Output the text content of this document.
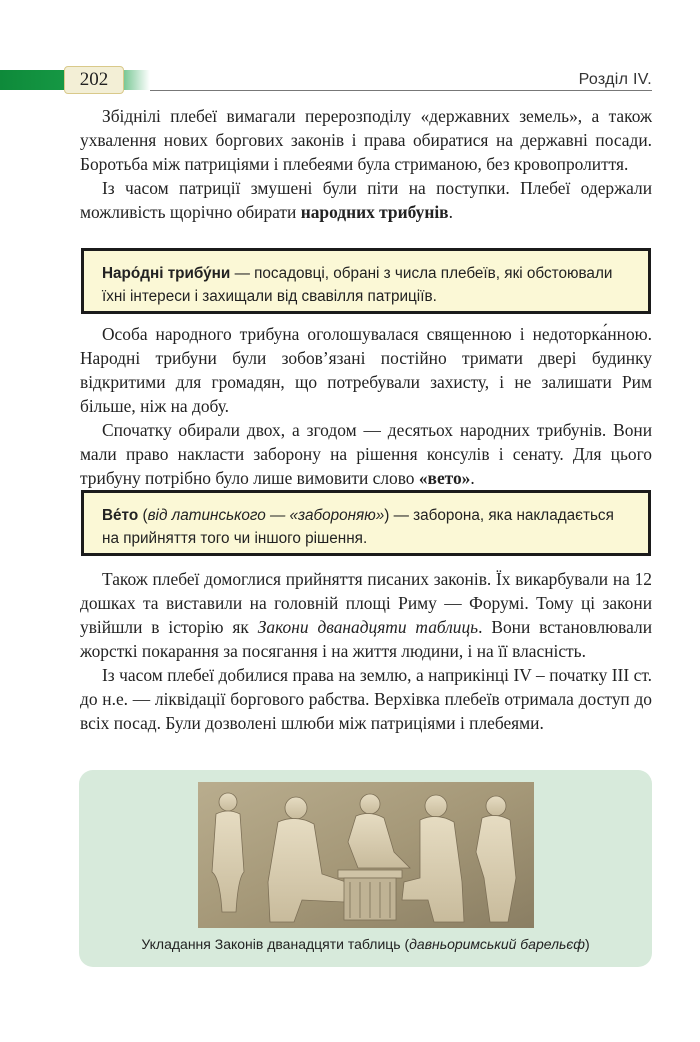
202	Розділ IV.

Збіднілі плебеї вимагали перерозподілу «державних земель», а також ухвалення нових боргових законів і права обиратися на державні посади. Боротьба між патриціями і плебеями була стриманою, без кровопролиття.

Із часом патриції змушені були піти на поступки. Плебеї одержали можливість щорічно обирати народних трибунів.

Наро́дні трибу́ни — посадовці, обрані з числа плебеїв, які обстоювали їхні інтереси і захищали від свавілля патриціїв.

Особа народного трибуна оголошувалася священною і недоторка́нною. Народні трибуни були зобов’язані постійно тримати двері будинку відкритими для громадян, що потребували захисту, і не залишати Рим більше, ніж на добу.

Спочатку обирали двох, а згодом — десятьох народних трибунів. Вони мали право накласти заборону на рішення консулів і сенату. Для цього трибуну потрібно було лише вимовити слово «вето».

Ве́то (від латинського — «забороняю») — заборона, яка накладається на прийняття того чи іншого рішення.

Також плебеї домоглися прийняття писаних законів. Їх викарбували на 12 дошках та виставили на головній площі Риму — Форумі. Тому ці закони увійшли в історію як Закони дванадцяти таблиць. Вони встановлювали жорсткі покарання за посягання і на життя людини, і на її власність.

Із часом плебеї добилися права на землю, а наприкінці IV – початку III ст. до н.е. — ліквідації боргового рабства. Верхівка плебеїв отримала доступ до всіх посад. Були дозволені шлюби між патриціями і плебеями.

Укладання Законів дванадцяти таблиць (давньоримський барельєф)
